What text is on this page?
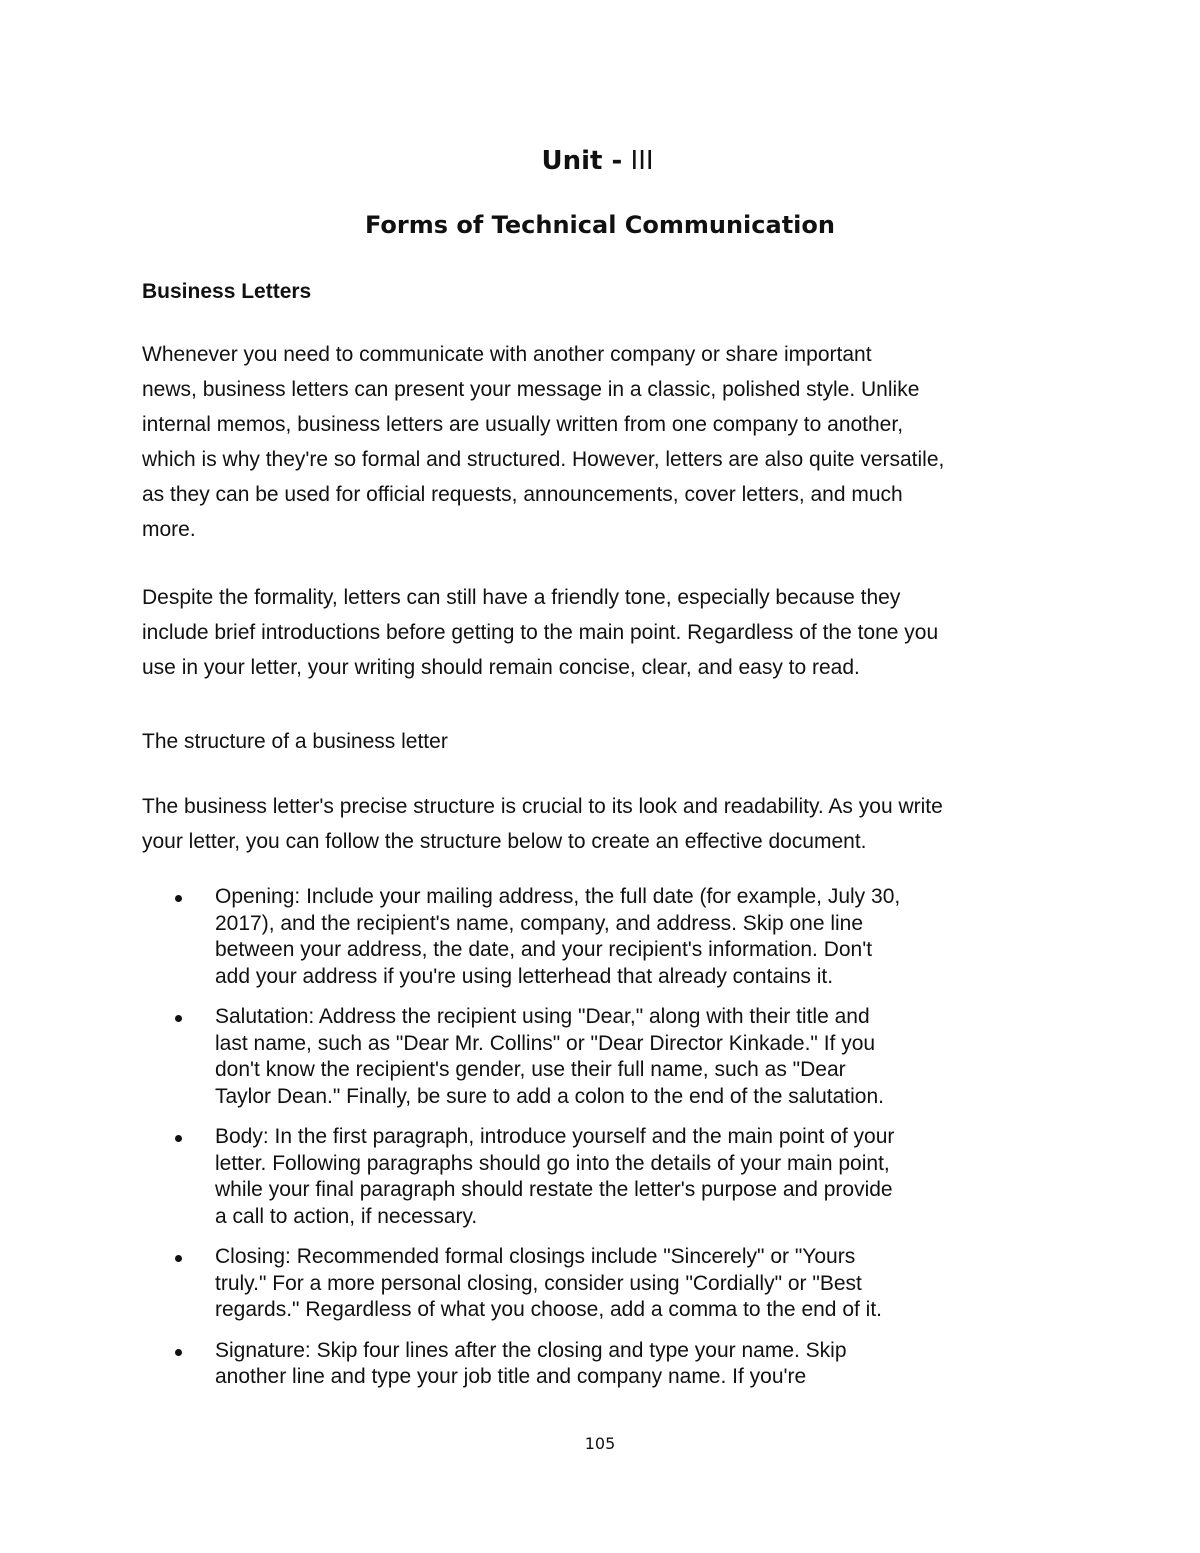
Unit - III
Forms of Technical Communication
Business Letters
Whenever you need to communicate with another company or share important
news, business letters can present your message in a classic, polished style. Unlike
internal memos, business letters are usually written from one company to another,
which is why they're so formal and structured. However, letters are also quite versatile,
as they can be used for official requests, announcements, cover letters, and much
more.
Despite the formality, letters can still have a friendly tone, especially because they
include brief introductions before getting to the main point. Regardless of the tone you
use in your letter, your writing should remain concise, clear, and easy to read.
The structure of a business letter
The business letter's precise structure is crucial to its look and readability. As you write
your letter, you can follow the structure below to create an effective document.
Opening: Include your mailing address, the full date (for example, July 30,
2017), and the recipient's name, company, and address. Skip one line
between your address, the date, and your recipient's information. Don't
add your address if you're using letterhead that already contains it.
Salutation: Address the recipient using "Dear," along with their title and
last name, such as "Dear Mr. Collins" or "Dear Director Kinkade." If you
don't know the recipient's gender, use their full name, such as "Dear
Taylor Dean." Finally, be sure to add a colon to the end of the salutation.
Body: In the first paragraph, introduce yourself and the main point of your
letter. Following paragraphs should go into the details of your main point,
while your final paragraph should restate the letter's purpose and provide
a call to action, if necessary.
Closing: Recommended formal closings include "Sincerely" or "Yours
truly." For a more personal closing, consider using "Cordially" or "Best
regards." Regardless of what you choose, add a comma to the end of it.
Signature: Skip four lines after the closing and type your name. Skip
another line and type your job title and company name. If you're
105
